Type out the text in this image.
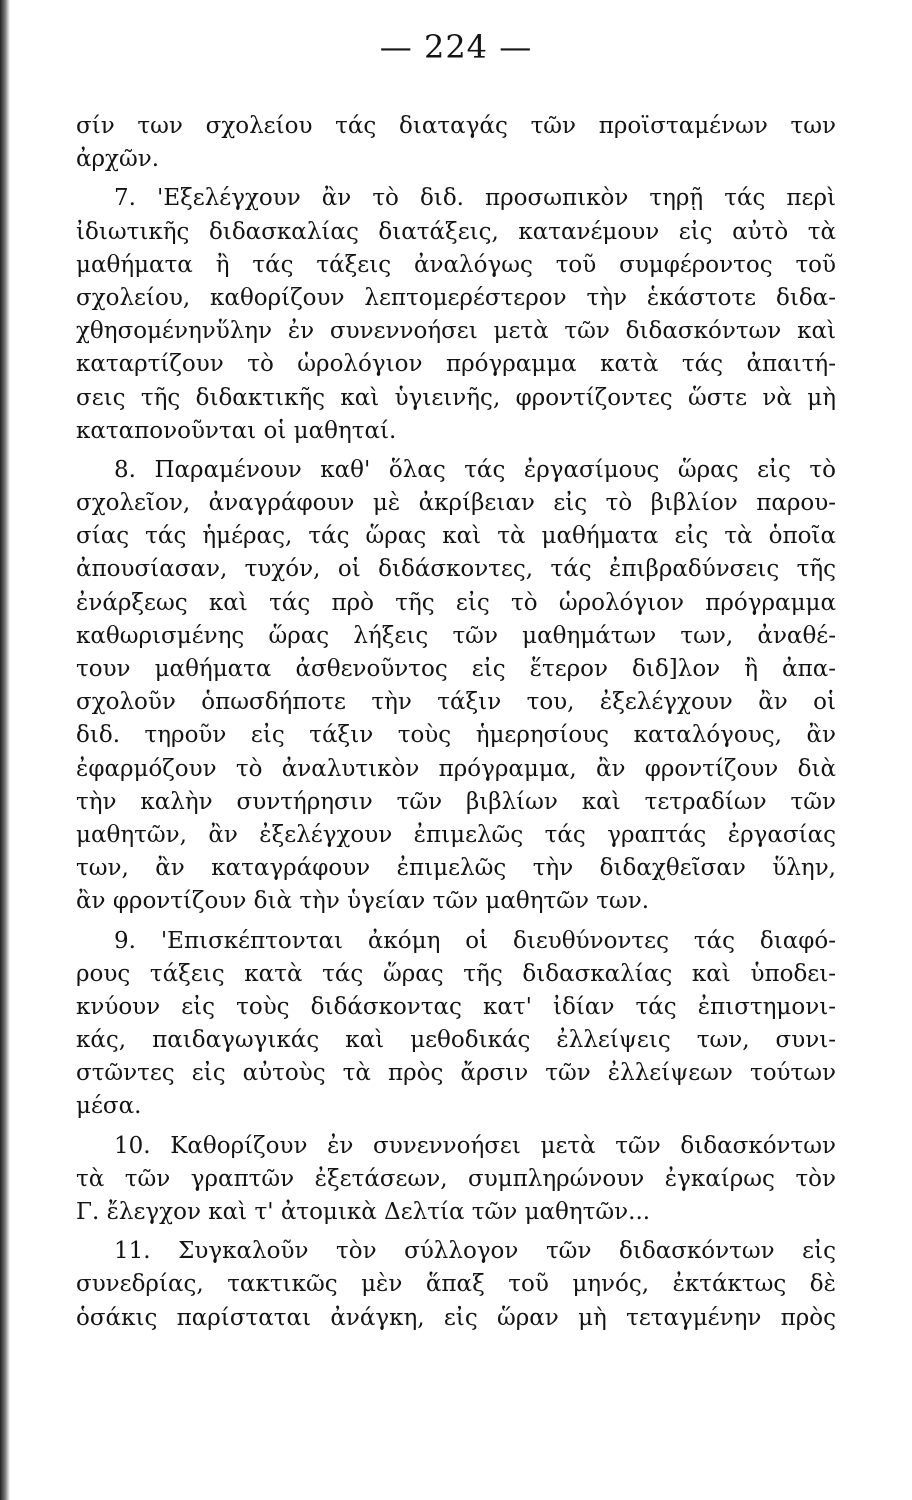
— 224 —
σίν των σχολείου τάς διαταγάς τῶν προϊσταμένων των
ἀρχῶν.
7. 'Εξελέγχουν ἂν τὸ διδ. προσωπικὸν τηρῇ τάς περὶ
ἰδιωτικῆς διδασκαλίας διατάξεις, κατανέμουν εἰς αὐτὸ τὰ
μαθήματα ἢ τάς τάξεις ἀναλόγως τοῦ συμφέροντος τοῦ
σχολείου, καθορίζουν λεπτομερέστερον τὴν ἑκάστοτε διδα-
χθησομένηνὕλην ἐν συνεννοήσει μετὰ τῶν διδασκόντων καὶ
καταρτίζουν τὸ ὡρολόγιον πρόγραμμα κατὰ τάς ἀπαιτή-
σεις τῆς διδακτικῆς καὶ ὑγιεινῆς, φροντίζοντες ὥστε νὰ μὴ
καταπονοῦνται οἱ μαθηταί.
8. Παραμένουν καθ' ὅλας τάς ἐργασίμους ὥρας εἰς τὸ
σχολεῖον, ἀναγράφουν μὲ ἀκρίβειαν εἰς τὸ βιβλίον παρου-
σίας τάς ἡμέρας, τάς ὥρας καὶ τὰ μαθήματα εἰς τὰ ὁποῖα
ἀπουσίασαν, τυχόν, οἱ διδάσκοντες, τάς ἐπιβραδύνσεις τῆς
ἐνάρξεως καὶ τάς πρὸ τῆς εἰς τὸ ὡρολόγιον πρόγραμμα
καθωρισμένης ὥρας λήξεις τῶν μαθημάτων των, ἀναθέ-
τουν μαθήματα ἀσθενοῦντος εἰς ἕτερον διδ]λον ἢ ἀπα-
σχολοῦν ὁπωσδήποτε τὴν τάξιν του, ἐξελέγχουν ἂν οἱ
διδ. τηροῦν εἰς τάξιν τοὺς ἡμερησίους καταλόγους, ἂν
ἐφαρμόζουν τὸ ἀναλυτικὸν πρόγραμμα, ἂν φροντίζουν διὰ
τὴν καλὴν συντήρησιν τῶν βιβλίων καὶ τετραδίων τῶν
μαθητῶν, ἂν ἐξελέγχουν ἐπιμελῶς τάς γραπτάς ἐργασίας
των, ἂν καταγράφουν ἐπιμελῶς τὴν διδαχθεῖσαν ὕλην,
ἂν φροντίζουν διὰ τὴν ὑγείαν τῶν μαθητῶν των.
9. 'Επισκέπτονται ἀκόμη οἱ διευθύνοντες τάς διαφό-
ρους τάξεις κατὰ τάς ὥρας τῆς διδασκαλίας καὶ ὑποδει-
κνύουν εἰς τοὺς διδάσκοντας κατ' ἰδίαν τάς ἐπιστημονι-
κάς, παιδαγωγικάς καὶ μεθοδικάς ἐλλείψεις των, συνι-
στῶντες εἰς αὐτοὺς τὰ πρὸς ἄρσιν τῶν ἐλλείψεων τούτων
μέσα.
10. Καθορίζουν ἐν συνεννοήσει μετὰ τῶν διδασκόντων
τὰ τῶν γραπτῶν ἐξετάσεων, συμπληρώνουν ἐγκαίρως τὸν
Γ. ἔλεγχον καὶ τ' ἀτομικὰ Δελτία τῶν μαθητῶν...
11. Συγκαλοῦν τὸν σύλλογον τῶν διδασκόντων εἰς
συνεδρίας, τακτικῶς μὲν ἅπαξ τοῦ μηνός, ἐκτάκτως δὲ
ὁσάκις παρίσταται ἀνάγκη, εἰς ὥραν μὴ τεταγμένην πρὸς
